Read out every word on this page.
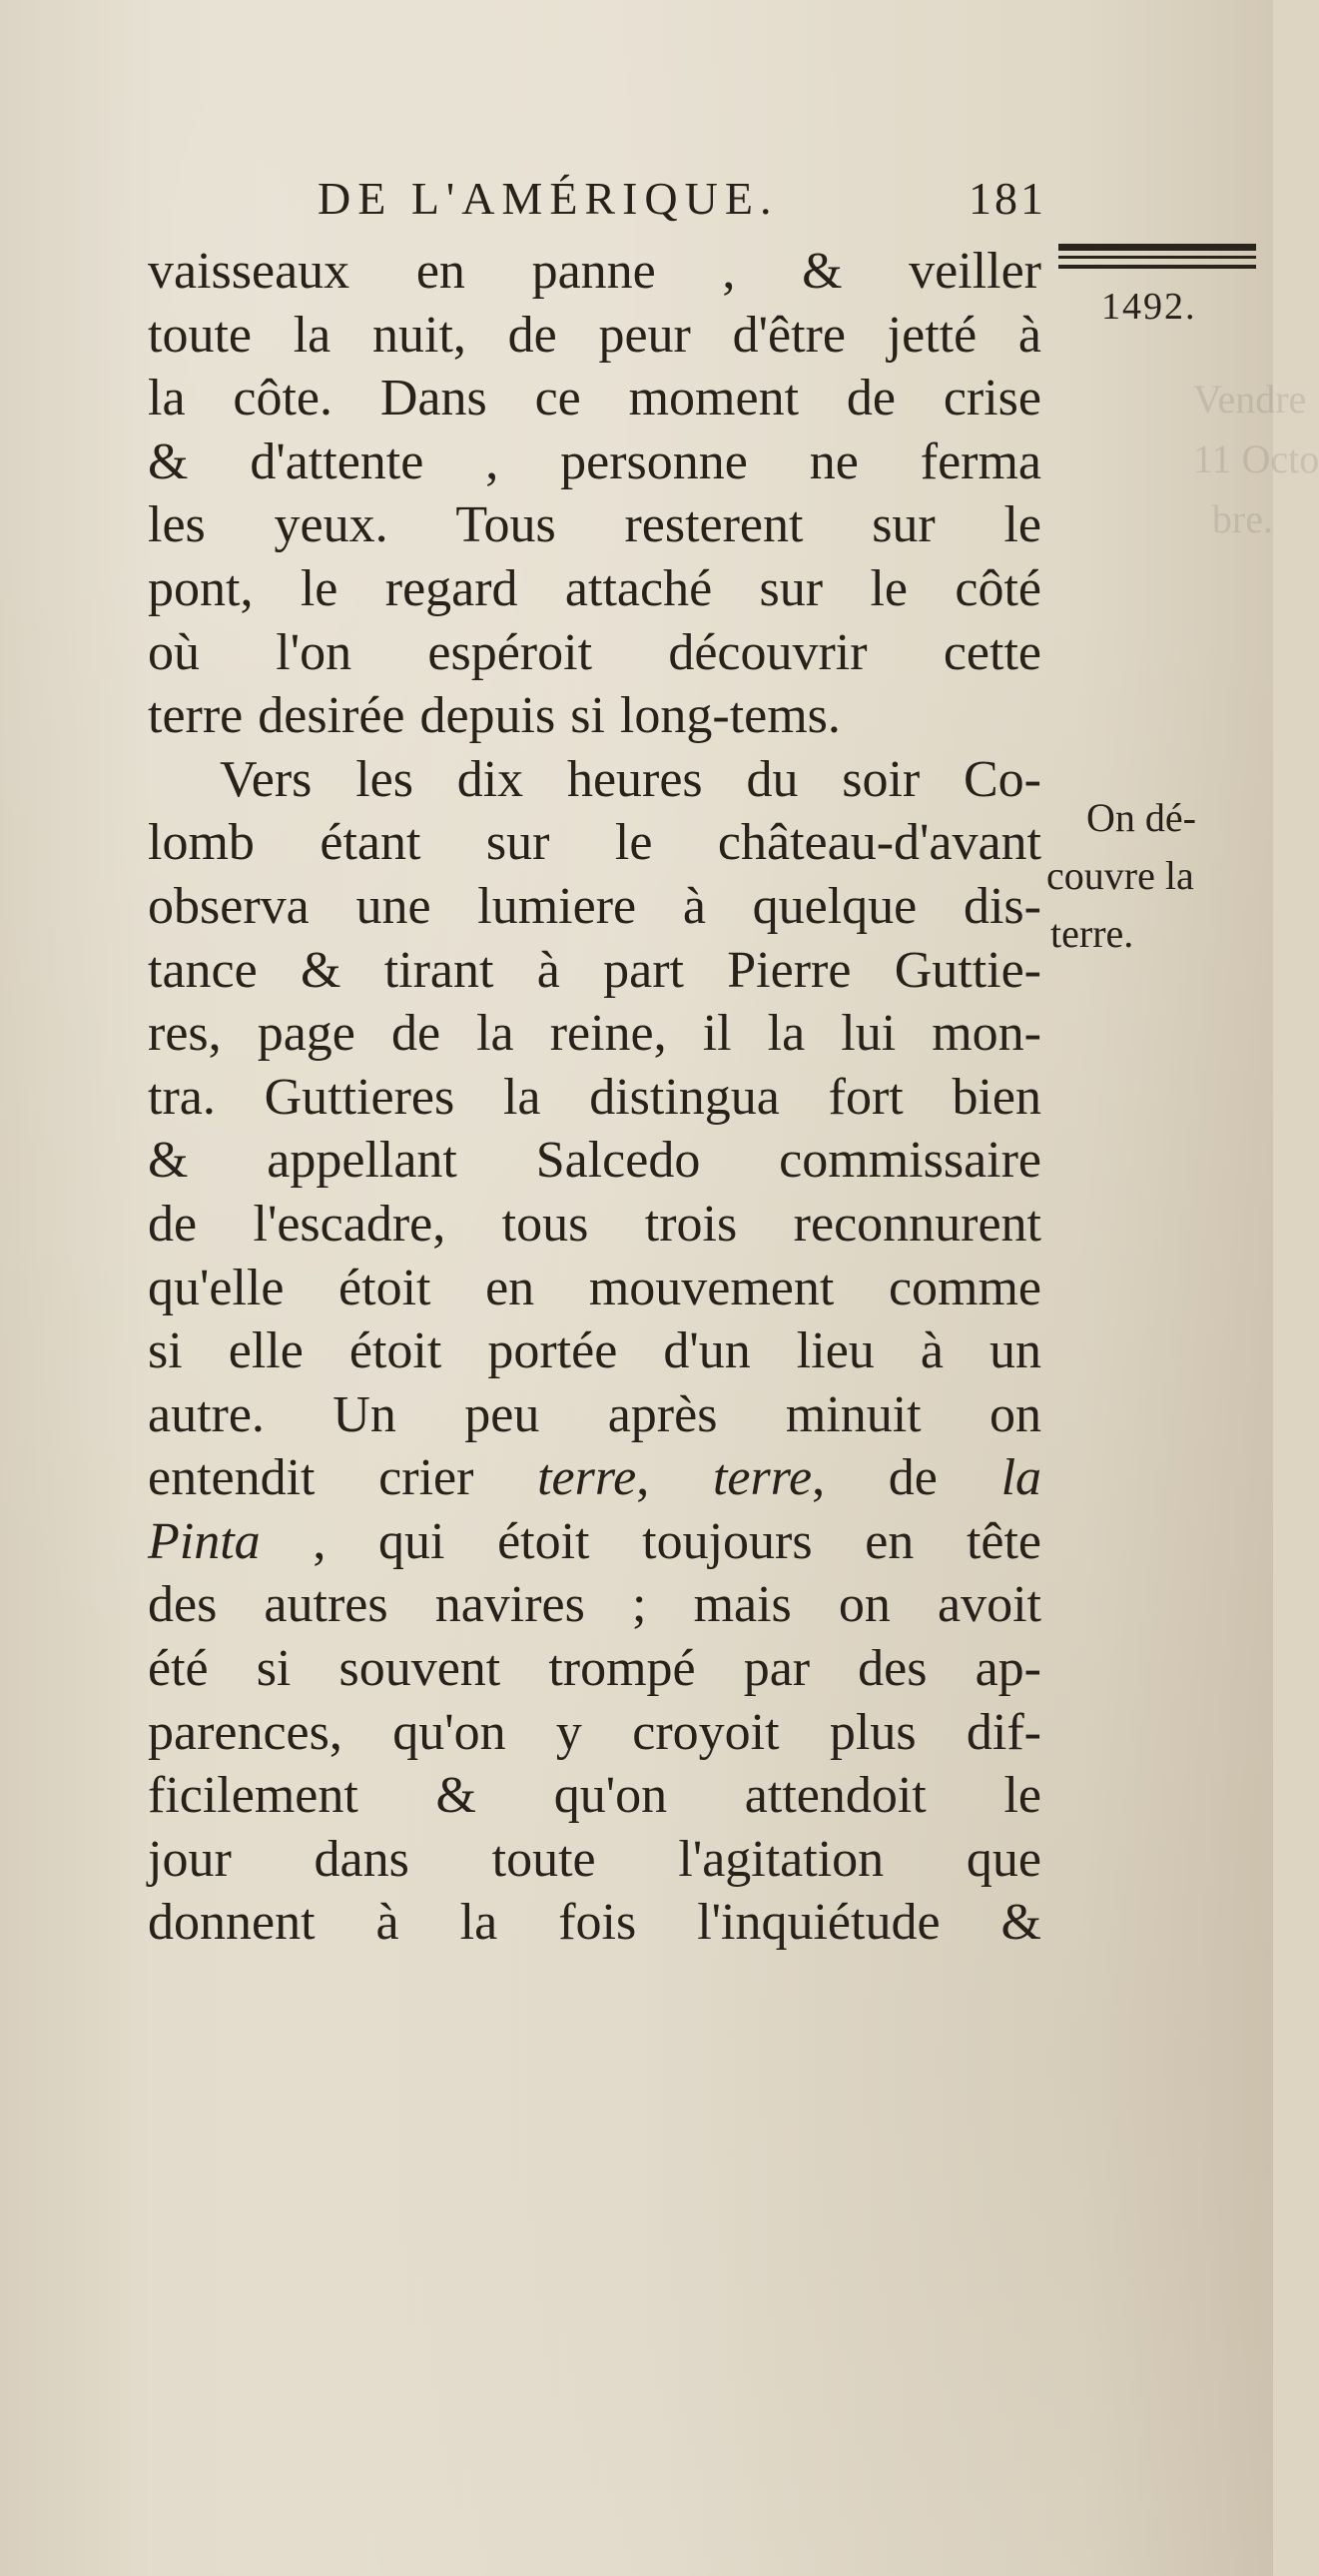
Vendre
11 Octo
bre.
DE L'AMÉRIQUE.	181
1492.
On dé-
couvre la
terre.
vaisseaux en panne , & veiller
toute la nuit, de peur d'être jetté à
la côte. Dans ce moment de crise
& d'attente , personne ne ferma
les yeux. Tous resterent sur le
pont, le regard attaché sur le côté
où l'on espéroit découvrir cette
terre desirée depuis si long-tems.
Vers les dix heures du soir Co-
lomb étant sur le château-d'avant
observa une lumiere à quelque dis-
tance & tirant à part Pierre Guttie-
res, page de la reine, il la lui mon-
tra. Guttieres la distingua fort bien
& appellant Salcedo commissaire
de l'escadre, tous trois reconnurent
qu'elle étoit en mouvement comme
si elle étoit portée d'un lieu à un
autre. Un peu après minuit on
entendit crier terre, terre, de la
Pinta , qui étoit toujours en tête
des autres navires ; mais on avoit
été si souvent trompé par des ap-
parences, qu'on y croyoit plus dif-
ficilement & qu'on attendoit le
jour dans toute l'agitation que
donnent à la fois l'inquiétude &
